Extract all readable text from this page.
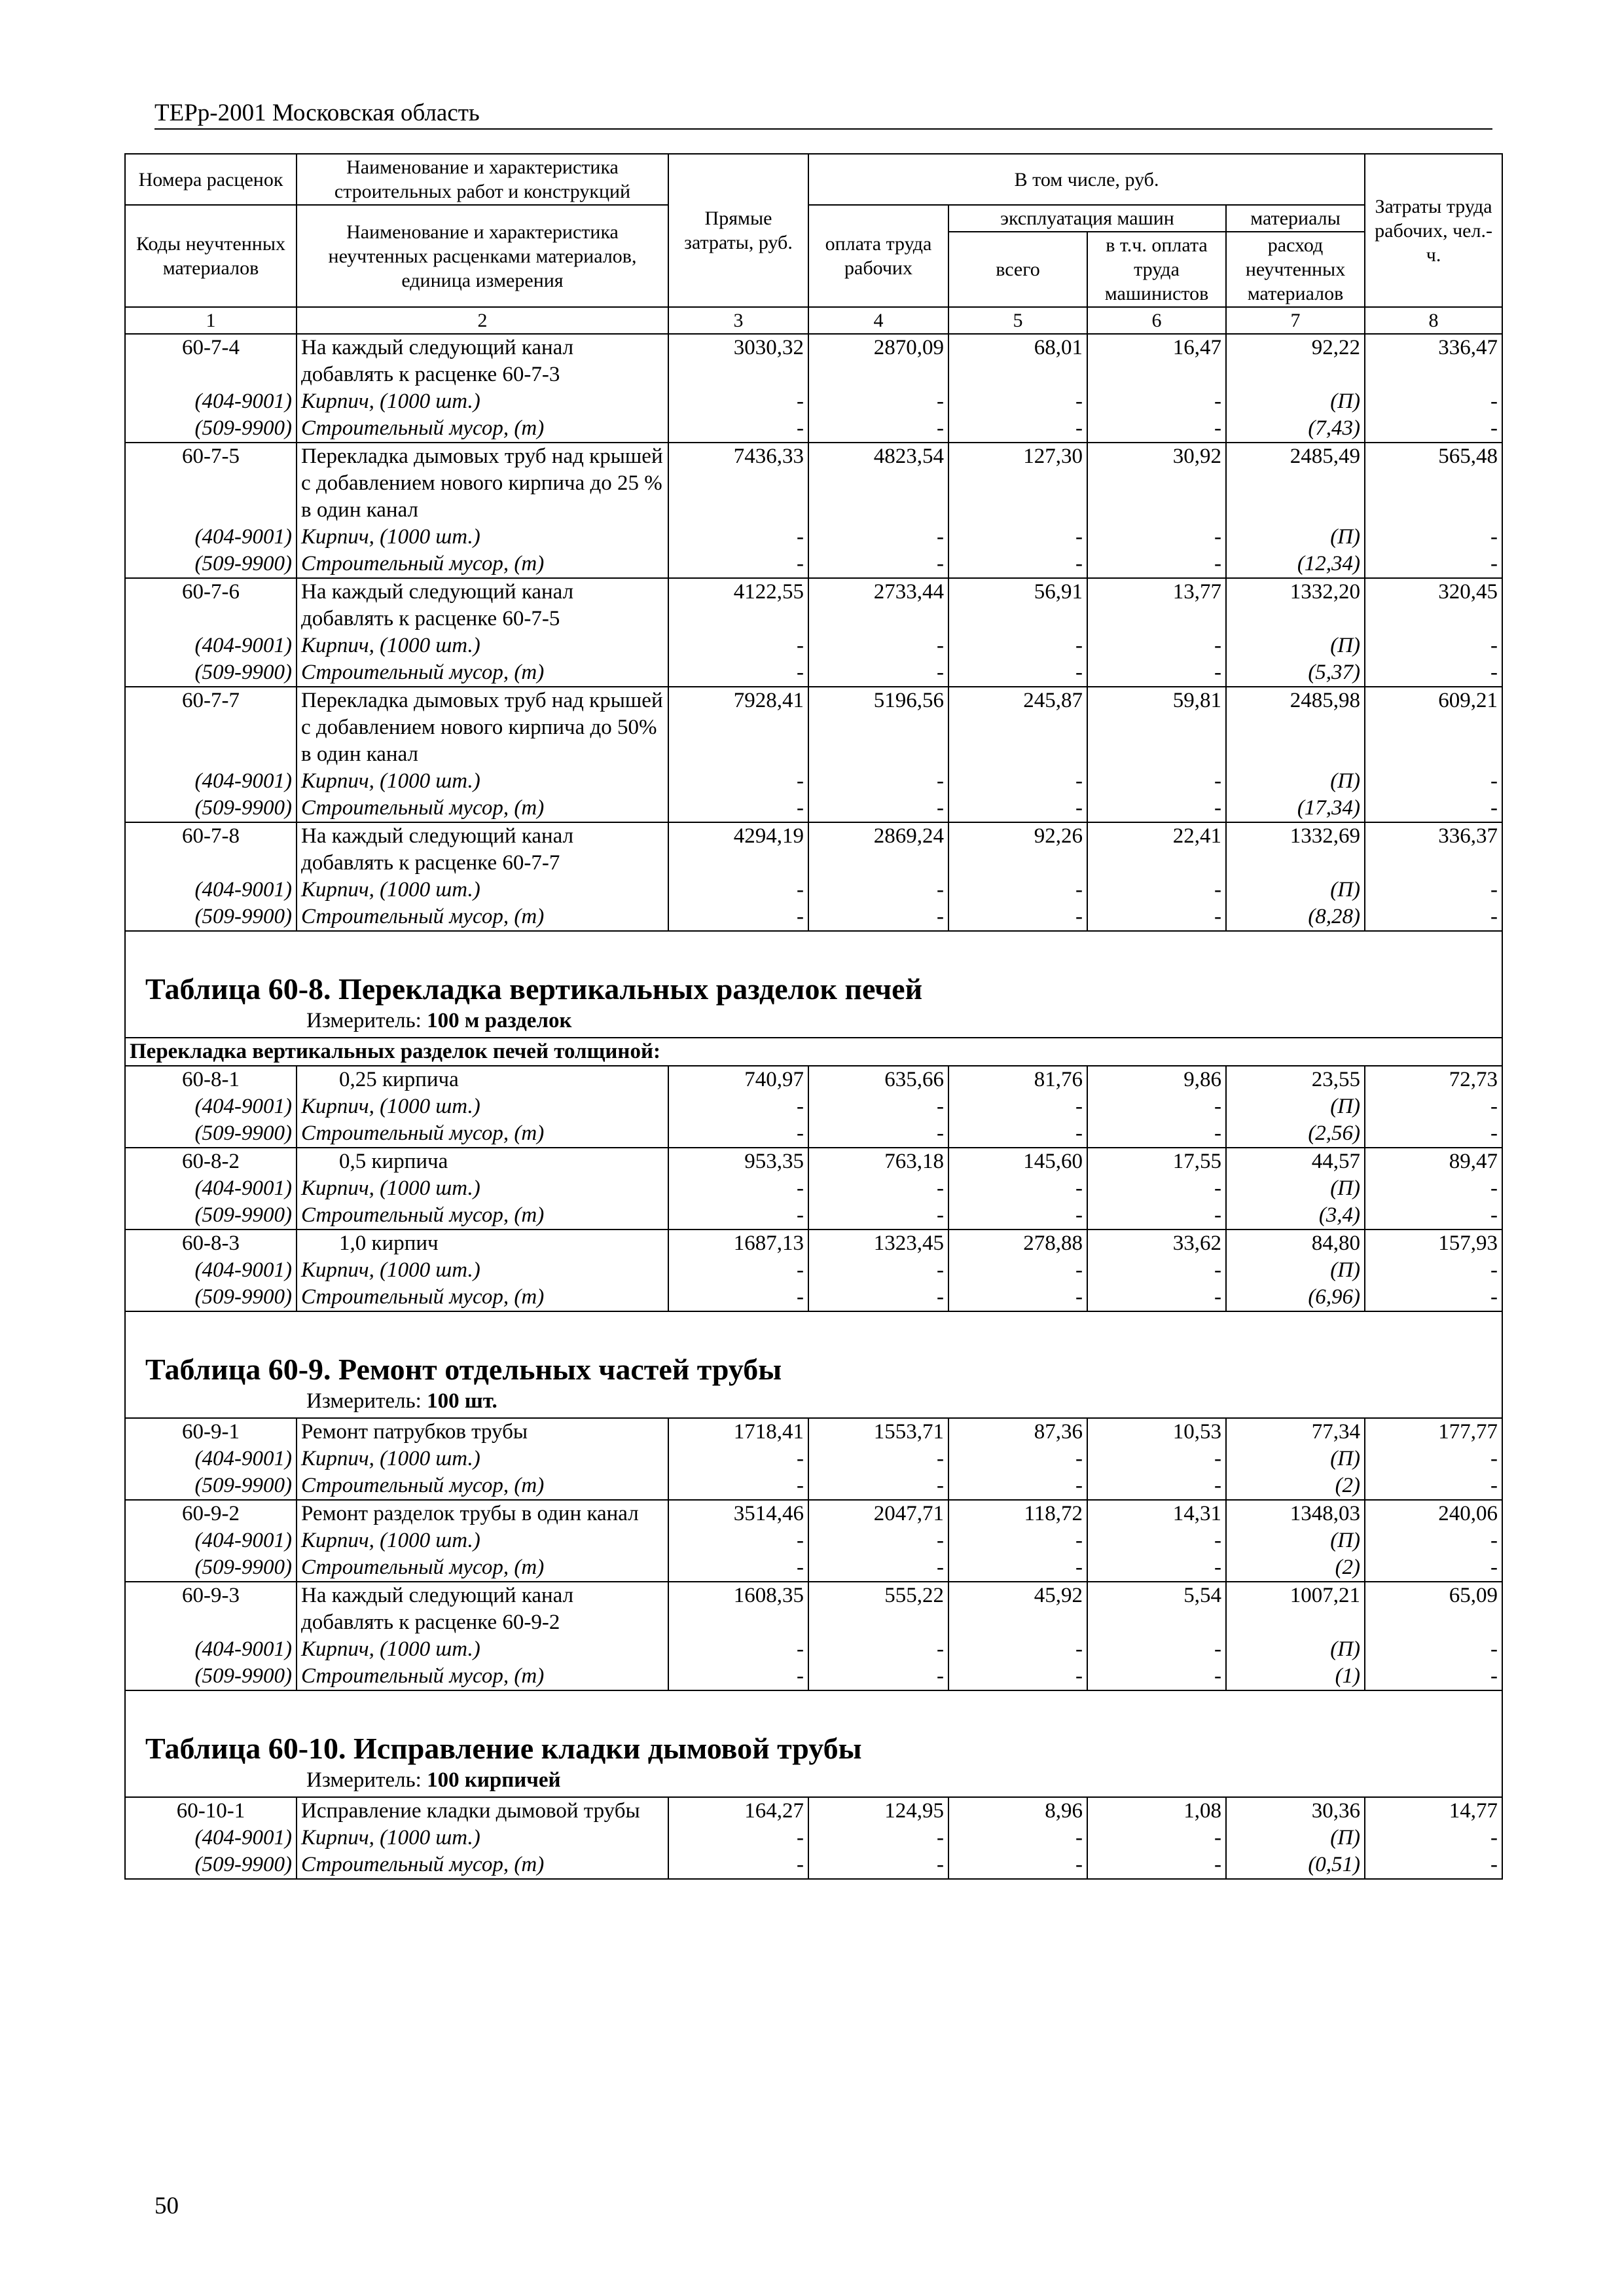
ТЕРр-2001 Московская область
Номера расценок	Наименование и характеристика строительных работ и конструкций	Прямые затраты, руб.	В том числе, руб.				Затраты труда рабочих, чел.-ч.
Коды неучтенных материалов	Наименование и характеристика неучтенных расценками материалов, единица измерения		оплата труда рабочих	эксплуатация машин		материалы	
				всего	в т.ч. оплата труда машинистов	расход неучтенных материалов	
1	2	3	4	5	6	7	8
60-7-4	На каждый следующий канал добавлять к расценке 60-7-3	3030,32	2870,09	68,01	16,47	92,22	336,47
(404-9001)	Кирпич, (1000 шт.)	-	-	-	-	(П)	-
(509-9900)	Строительный мусор, (т)	-	-	-	-	(7,43)	-
60-7-5	Перекладка дымовых труб над крышей с добавлением нового кирпича до 25 % в один канал	7436,33	4823,54	127,30	30,92	2485,49	565,48
(404-9001)	Кирпич, (1000 шт.)	-	-	-	-	(П)	-
(509-9900)	Строительный мусор, (т)	-	-	-	-	(12,34)	-
60-7-6	На каждый следующий канал добавлять к расценке 60-7-5	4122,55	2733,44	56,91	13,77	1332,20	320,45
(404-9001)	Кирпич, (1000 шт.)	-	-	-	-	(П)	-
(509-9900)	Строительный мусор, (т)	-	-	-	-	(5,37)	-
60-7-7	Перекладка дымовых труб над крышей с добавлением нового кирпича до 50% в один канал	7928,41	5196,56	245,87	59,81	2485,98	609,21
(404-9001)	Кирпич, (1000 шт.)	-	-	-	-	(П)	-
(509-9900)	Строительный мусор, (т)	-	-	-	-	(17,34)	-
60-7-8	На каждый следующий канал добавлять к расценке 60-7-7	4294,19	2869,24	92,26	22,41	1332,69	336,37
(404-9001)	Кирпич, (1000 шт.)	-	-	-	-	(П)	-
(509-9900)	Строительный мусор, (т)	-	-	-	-	(8,28)	-

Таблица 60-8. Перекладка вертикальных разделок печей
Измеритель: 100 м разделок							

Перекладка вертикальных разделок печей толщиной:							
60-8-1	0,25 кирпича	740,97	635,66	81,76	9,86	23,55	72,73
(404-9001)	Кирпич, (1000 шт.)	-	-	-	-	(П)	-
(509-9900)	Строительный мусор, (т)	-	-	-	-	(2,56)	-
60-8-2	0,5 кирпича	953,35	763,18	145,60	17,55	44,57	89,47
(404-9001)	Кирпич, (1000 шт.)	-	-	-	-	(П)	-
(509-9900)	Строительный мусор, (т)	-	-	-	-	(3,4)	-
60-8-3	1,0 кирпич	1687,13	1323,45	278,88	33,62	84,80	157,93
(404-9001)	Кирпич, (1000 шт.)	-	-	-	-	(П)	-
(509-9900)	Строительный мусор, (т)	-	-	-	-	(6,96)	-

Таблица 60-9. Ремонт отдельных частей трубы
Измеритель: 100 шт.							

60-9-1	Ремонт патрубков трубы	1718,41	1553,71	87,36	10,53	77,34	177,77
(404-9001)	Кирпич, (1000 шт.)	-	-	-	-	(П)	-
(509-9900)	Строительный мусор, (т)	-	-	-	-	(2)	-
60-9-2	Ремонт разделок трубы в один канал	3514,46	2047,71	118,72	14,31	1348,03	240,06
(404-9001)	Кирпич, (1000 шт.)	-	-	-	-	(П)	-
(509-9900)	Строительный мусор, (т)	-	-	-	-	(2)	-
60-9-3	На каждый следующий канал добавлять к расценке 60-9-2	1608,35	555,22	45,92	5,54	1007,21	65,09
(404-9001)	Кирпич, (1000 шт.)	-	-	-	-	(П)	-
(509-9900)	Строительный мусор, (т)	-	-	-	-	(1)	-

Таблица 60-10. Исправление кладки дымовой трубы
Измеритель: 100 кирпичей							

60-10-1	Исправление кладки дымовой трубы	164,27	124,95	8,96	1,08	30,36	14,77
(404-9001)	Кирпич, (1000 шт.)	-	-	-	-	(П)	-
(509-9900)	Строительный мусор, (т)	-	-	-	-	(0,51)	-
50
